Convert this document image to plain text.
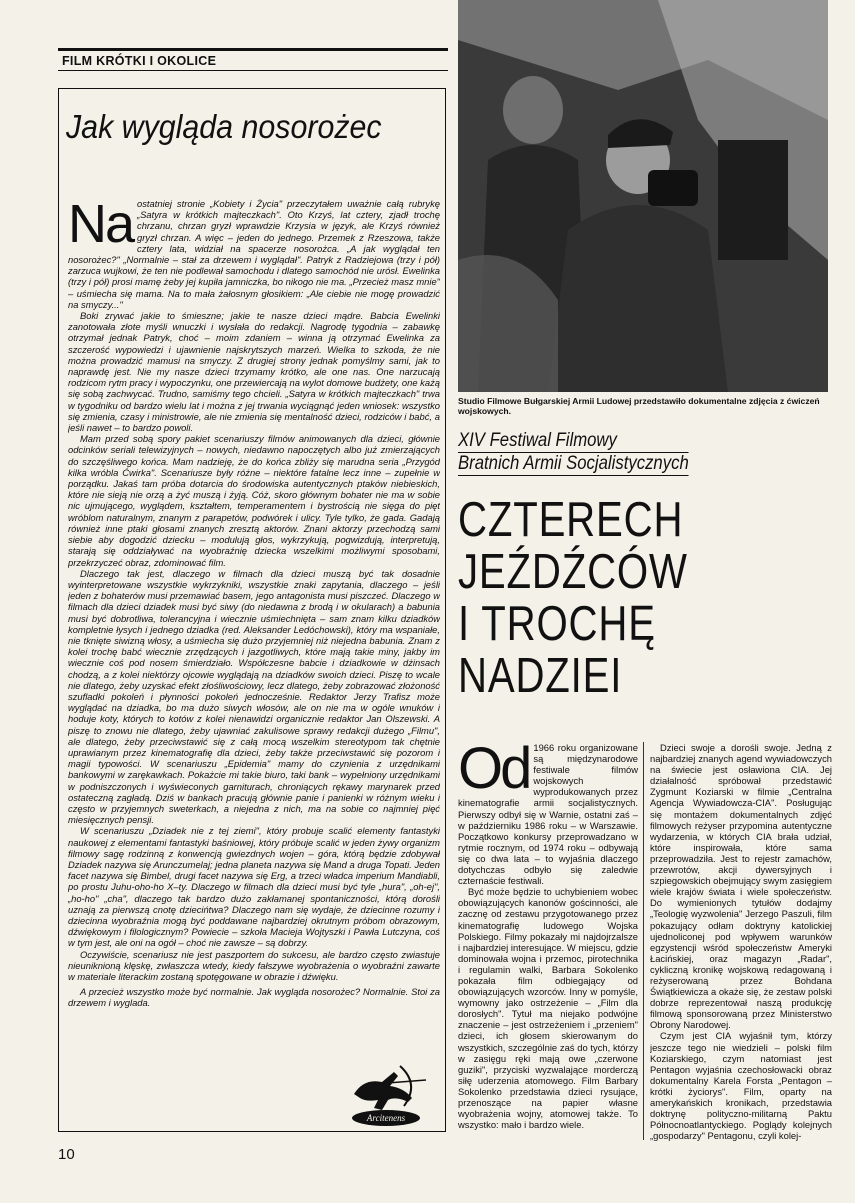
FILM KRÓTKI I OKOLICE
Jak wygląda nosorożec

Na ostatniej stronie „Kobiety i Życia" przeczytałem uważnie całą rubrykę „Satyra w krótkich majteczkach". Oto Krzyś, lat cztery, zjadł trochę chrzanu, chrzan gryzł wprawdzie Krzysia w język, ale Krzyś również gryzł chrzan. A więc – jeden do jednego. Przemek z Rzeszowa, także cztery lata, widział na spacerze nosorożca. „A jak wyglądał ten nosorożec?" „Normalnie – stał za drzewem i wyglądał". Patryk z Radziejowa (trzy i pół) zarzuca wujkowi, że ten nie podlewał samochodu i dlatego samochód nie urósł. Ewelinka (trzy i pół) prosi mamę żeby jej kupiła jamniczka, bo nikogo nie ma. „Przecież masz mnie" – uśmiecha się mama. Na to mała żałosnym głosikiem: „Ale ciebie nie mogę prowadzić na smyczy..."

Boki zrywać jakie to śmieszne; jakie te nasze dzieci mądre. Babcia Ewelinki zanotowała złote myśli wnuczki i wysłała do redakcji. Nagrodę tygodnia – zabawkę otrzymał jednak Patryk, choć – moim zdaniem – winna ją otrzymać Ewelinka za szczerość wypowiedzi i ujawnienie najskrytszych marzeń. Wielka to szkoda, że nie można prowadzić mamusi na smyczy. Z drugiej strony jednak pomyślmy sami, jak to naprawdę jest. Nie my nasze dzieci trzymamy krótko, ale one nas. One narzucają rodzicom rytm pracy i wypoczynku, one przewiercają na wylot domowe budżety, one każą się sobą zachwycać. Trudno, samiśmy tego chcieli. „Satyra w krótkich majteczkach" trwa w tygodniku od bardzo wielu lat i można z jej trwania wyciągnąć jeden wniosek: wszystko się zmienia, czasy i ministrowie, ale nie zmienia się mentalność dzieci, rodziców i babć, a jeśli nawet – to bardzo powoli.

Mam przed sobą spory pakiet scenariuszy filmów animowanych dla dzieci, głównie odcinków seriali telewizyjnych – nowych, niedawno napoczętych albo już zmierzających do szczęśliwego końca. Mam nadzieję, że do końca zbliży się marudna seria „Przygód kilka wróbla Ćwirka". Scenariusze były różne – niektóre fatalne lecz inne – zupełnie w porządku. Jakaś tam próba dotarcia do środowiska autentycznych ptaków niebieskich, które nie sieją nie orzą a żyć muszą i żyją. Cóż, skoro głównym bohater nie ma w sobie nic ujmującego, wyglądem, kształtem, temperamentem i bystrością nie sięga do pięt wróblom naturalnym, znanym z parapetów, podwórek i ulicy. Tyle tylko, że gada. Gadają również inne ptaki głosami znanych zresztą aktorów. Znani aktorzy przechodzą sami siebie aby dogodzić dziecku – modulują głos, wykrzykują, pogwizdują, interpretują, starają się oddziaływać na wyobraźnię dziecka wszelkimi możliwymi sposobami, przekrzyczeć obraz, zdominować film.

Dlaczego tak jest, dlaczego w filmach dla dzieci muszą być tak dosadnie wyinterpretowane wszystkie wykrzykniki, wszystkie znaki zapytania, dlaczego – jeśli jeden z bohaterów musi przemawiać basem, jego antagonista musi piszczeć. Dlaczego w filmach dla dzieci dziadek musi być siwy (do niedawna z brodą i w okularach) a babunia musi być dobrotliwa, tolerancyjna i wiecznie uśmiechnięta – sam znam kilku dziadków kompletnie łysych i jednego dziadka (red. Aleksander Ledóchowski), który ma wspaniałe, nie tknięte siwizną włosy, a uśmiecha się dużo przyjemniej niż niejedna babunia. Znam z kolei trochę babć wiecznie zrzędzących i jazgotliwych, które mają takie miny, jakby im wiecznie coś pod nosem śmierdziało. Współczesne babcie i dziadkowie w dżinsach chodzą, a z kolei niektórzy ojcowie wyglądają na dziadków swoich dzieci. Piszę to wcale nie dlatego, żeby uzyskać efekt złośliwościowy, lecz dlatego, żeby zobrazować złożoność szufladki pokoleń i płynności pokoleń jednocześnie. Redaktor Jerzy Trafisz może wyglądać na dziadka, bo ma dużo siwych włosów, ale on nie ma w ogóle wnuków i hoduje koty, których to kotów z kolei nienawidzi organicznie redaktor Jan Olszewski. A piszę to znowu nie dlatego, żeby ujawniać zakulisowe sprawy redakcji dużego „Filmu", ale dlatego, żeby przeciwstawić się z całą mocą wszelkim stereotypom tak chętnie uprawianym przez kinematografię dla dzieci, żeby także przeciwstawić się pozorom i magii typowości. W scenariuszu „Epidemia" mamy do czynienia z urzędnikami bankowymi w zarękawkach. Pokażcie mi takie biuro, taki bank – wypełniony urzędnikami w podniszczonych i wyświeconych garniturach, chroniących rękawy marynarek przed ostateczną zagładą. Dziś w bankach pracują głównie panie i panienki w różnym wieku i często w przyjemnych sweterkach, a niejedna z nich, ma na sobie co najmniej pięć miesięcznych pensji.

W scenariuszu „Dziadek nie z tej ziemi", który probuje scalić elementy fantastyki naukowej z elementami fantastyki baśniowej, który próbuje scalić w jeden żywy organizm filmowy sagę rodzinną z konwencją gwiezdnych wojen – góra, którą będzie zdobywał Dziadek nazywa się Arunczumelaj; jedna planeta nazywa się Mand a druga Topati. Jeden facet nazywa się Bimbel, drugi facet nazywa się Erg, a trzeci władca imperium Mandiabli, po prostu Juhu-oho-ho X–ty. Dlaczego w filmach dla dzieci musi być tyle „hura", „oh-ej", „ho-ho" „cha", dlaczego tak bardzo dużo zakłamanej spontaniczności, którą dorośli uznają za pierwszą cnotę dziecińtwa? Dlaczego nam się wydaje, że dziecinne rozumy i dziecinna wyobraźnia mogą być poddawane najbardziej okrutnym próbom obrazowym, dźwiękowym i filologicznym? Powiecie – szkoła Macieja Wojtyszki i Pawła Lutczyna, coś w tym jest, ale oni na ogół – choć nie zawsze – są dobrzy.

Oczywiście, scenariusz nie jest paszportem do sukcesu, ale bardzo często zwiastuje nieuniknioną klęskę, zwłaszcza wtedy, kiedy fałszywe wyobrażenia o wyobraźni zawarte w materiale literackim zostaną spotęgowane w obrazie i dźwięku.

A przecież wszystko może być normalnie. Jak wygląda nosorożec? Normalnie. Stoi za drzewem i wyglada.

Studio Filmowe Bułgarskiej Armii Ludowej przedstawiło dokumentalne zdjęcia z ćwiczeń wojskowych.
XIV Festiwal Filmowy
Bratnich Armii Socjalistycznych
CZTERECH
JEŹDŹCÓW
I TROCHĘ
NADZIEI

Od 1966 roku organizowane są międzynarodowe festiwale filmów wojskowych wyprodukowanych przez kinematografie armii socjalistycznych. Pierwszy odbył się w Warnie, ostatni zaś – w październiku 1986 roku – w Warszawie. Początkowo konkursy przeprowadzano w rytmie rocznym, od 1974 roku – odbywają się co dwa lata – to wyjaśnia dlaczego dotychczas odbyło się zaledwie czternaście festiwali.

Być może będzie to uchybieniem wobec obowiązujących kanonów gościnności, ale zacznę od zestawu przygotowanego przez kinematografię ludowego Wojska Polskiego. Filmy pokazały mi najdojrzalsze i najbardziej interesujące. W miejscu, gdzie dominowała wojna i przemoc, pirotechnika i regulamin walki, Barbara Sokolenko pokazała film odbiegający od obowiązujących wzorców. Inny w pomyśle, wymowny jako ostrzeżenie – „Film dla dorosłych". Tytuł ma niejako podwójne znaczenie – jest ostrzeżeniem i „przeniem" dzieci, ich głosem skierowanym do wszystkich, szczególnie zaś do tych, którzy w zasięgu ręki mają owe „czerwone guziki", przyciski wyzwalające morderczą siłę uderzenia atomowego. Film Barbary Sokolenko przedstawia dzieci rysujące, przenoszące na papier własne wyobrażenia wojny, atomowej także. To wszystko: mało i bardzo wiele.

Dzieci swoje a dorośli swoje. Jedną z najbardziej znanych agend wywiadowczych na świecie jest osławiona CIA. Jej działalność spróbował przedstawić Zygmunt Koziarski w filmie „Centralna Agencja Wywiadowcza-CIA". Posługując się montażem dokumentalnych zdjęć filmowych reżyser przypomina autentyczne wydarzenia, w których CIA brała udział, które inspirowała, które sama przeprowadziła. Jest to rejestr zamachów, przewrotów, akcji dywersyjnych i szpiegowskich obejmujący swym zasięgiem wiele krajów świata i wiele społeczeństw. Do wymienionych tytułów dodajmy „Teologię wyzwolenia" Jerzego Paszuli, film pokazujący odłam doktryny katolickiej ujednoliconej pod wpływem warunków egzystencji wśród społeczeństw Ameryki Łacińskiej, oraz magazyn „Radar", cykliczną kronikę wojskową redagowaną i reżyserowaną przez Bohdana Świątkiewicza a okaże się, że zestaw polski dobrze reprezentował naszą produkcję filmową sponsorowaną przez Ministerstwo Obrony Narodowej.

Czym jest CIA wyjaśnił tym, którzy jeszcze tego nie wiedzieli – polski film Koziarskiego, czym natomiast jest Pentagon wyjaśnia czechosłowacki obraz dokumentalny Karela Forsta „Pentagon – krótki życiorys". Film, oparty na amerykańskich kronikach, przedstawia doktrynę polityczno-militarną Paktu Północnoatlantyckiego. Poglądy kolejnych „gospodarzy" Pentagonu, czyli kolej-

Arcitenens
10
